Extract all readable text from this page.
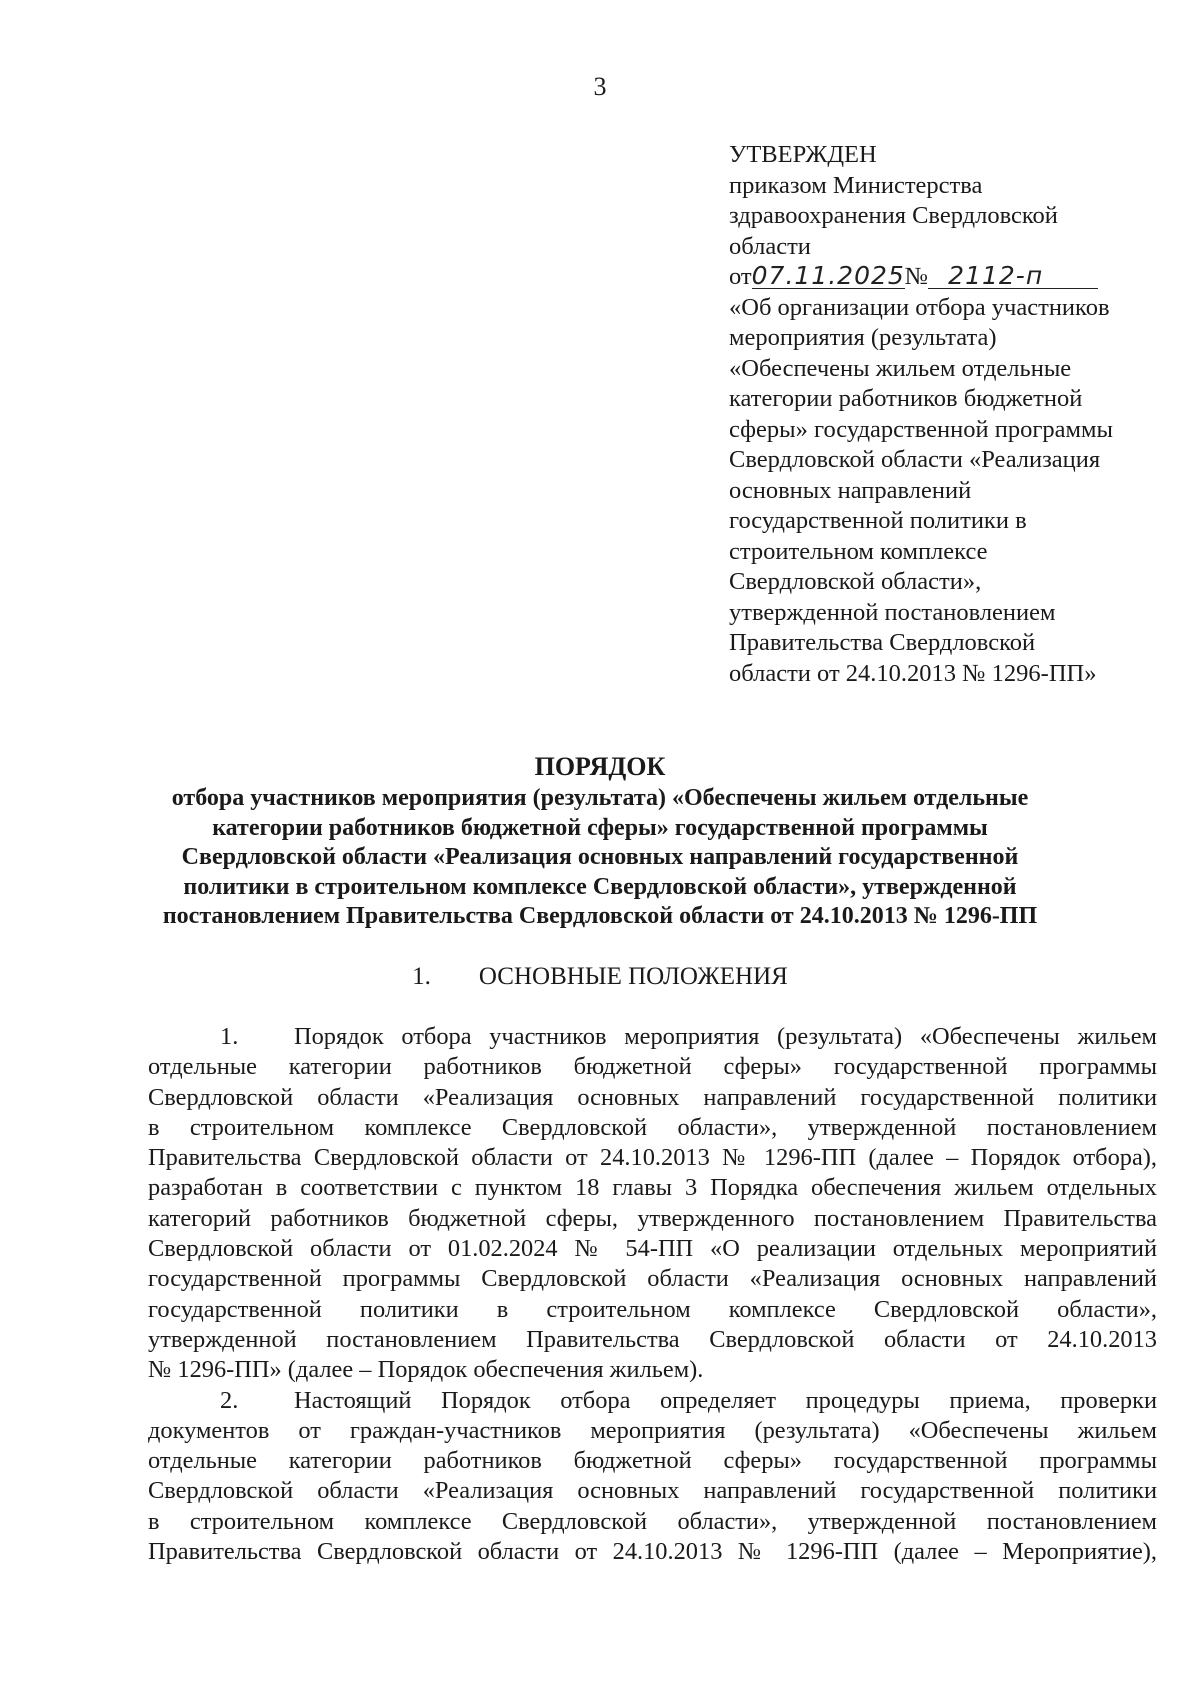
3
УТВЕРЖДЕН
приказом Министерства
здравоохранения Свердловской
области
от07.11.2025№ 2112-п
«Об организации отбора участников
мероприятия (результата)
«Обеспечены жильем отдельные
категории работников бюджетной
сферы» государственной программы
Свердловской области «Реализация
основных направлений
государственной политики в
строительном комплексе
Свердловской области»,
утвержденной постановлением
Правительства Свердловской
области от 24.10.2013 № 1296-ПП»
ПОРЯДОК
отбора участников мероприятия (результата) «Обеспечены жильем отдельные
категории работников бюджетной сферы» государственной программы
Свердловской области «Реализация основных направлений государственной
политики в строительном комплексе Свердловской области», утвержденной
постановлением Правительства Свердловской области от 24.10.2013 № 1296-ПП
1. ОСНОВНЫЕ ПОЛОЖЕНИЯ
1. Порядок отбора участников мероприятия (результата) «Обеспечены жильем
отдельные категории работников бюджетной сферы» государственной программы
Свердловской области «Реализация основных направлений государственной политики
в строительном комплексе Свердловской области», утвержденной постановлением
Правительства Свердловской области от 24.10.2013 № 1296-ПП (далее – Порядок отбора),
разработан в соответствии с пунктом 18 главы 3 Порядка обеспечения жильем отдельных
категорий работников бюджетной сферы, утвержденного постановлением Правительства
Свердловской области от 01.02.2024 № 54-ПП «О реализации отдельных мероприятий
государственной программы Свердловской области «Реализация основных направлений
государственной политики в строительном комплексе Свердловской области»,
утвержденной постановлением Правительства Свердловской области от 24.10.2013
№ 1296-ПП» (далее – Порядок обеспечения жильем).
2. Настоящий Порядок отбора определяет процедуры приема, проверки
документов от граждан-участников мероприятия (результата) «Обеспечены жильем
отдельные категории работников бюджетной сферы» государственной программы
Свердловской области «Реализация основных направлений государственной политики
в строительном комплексе Свердловской области», утвержденной постановлением
Правительства Свердловской области от 24.10.2013 № 1296-ПП (далее – Мероприятие),
